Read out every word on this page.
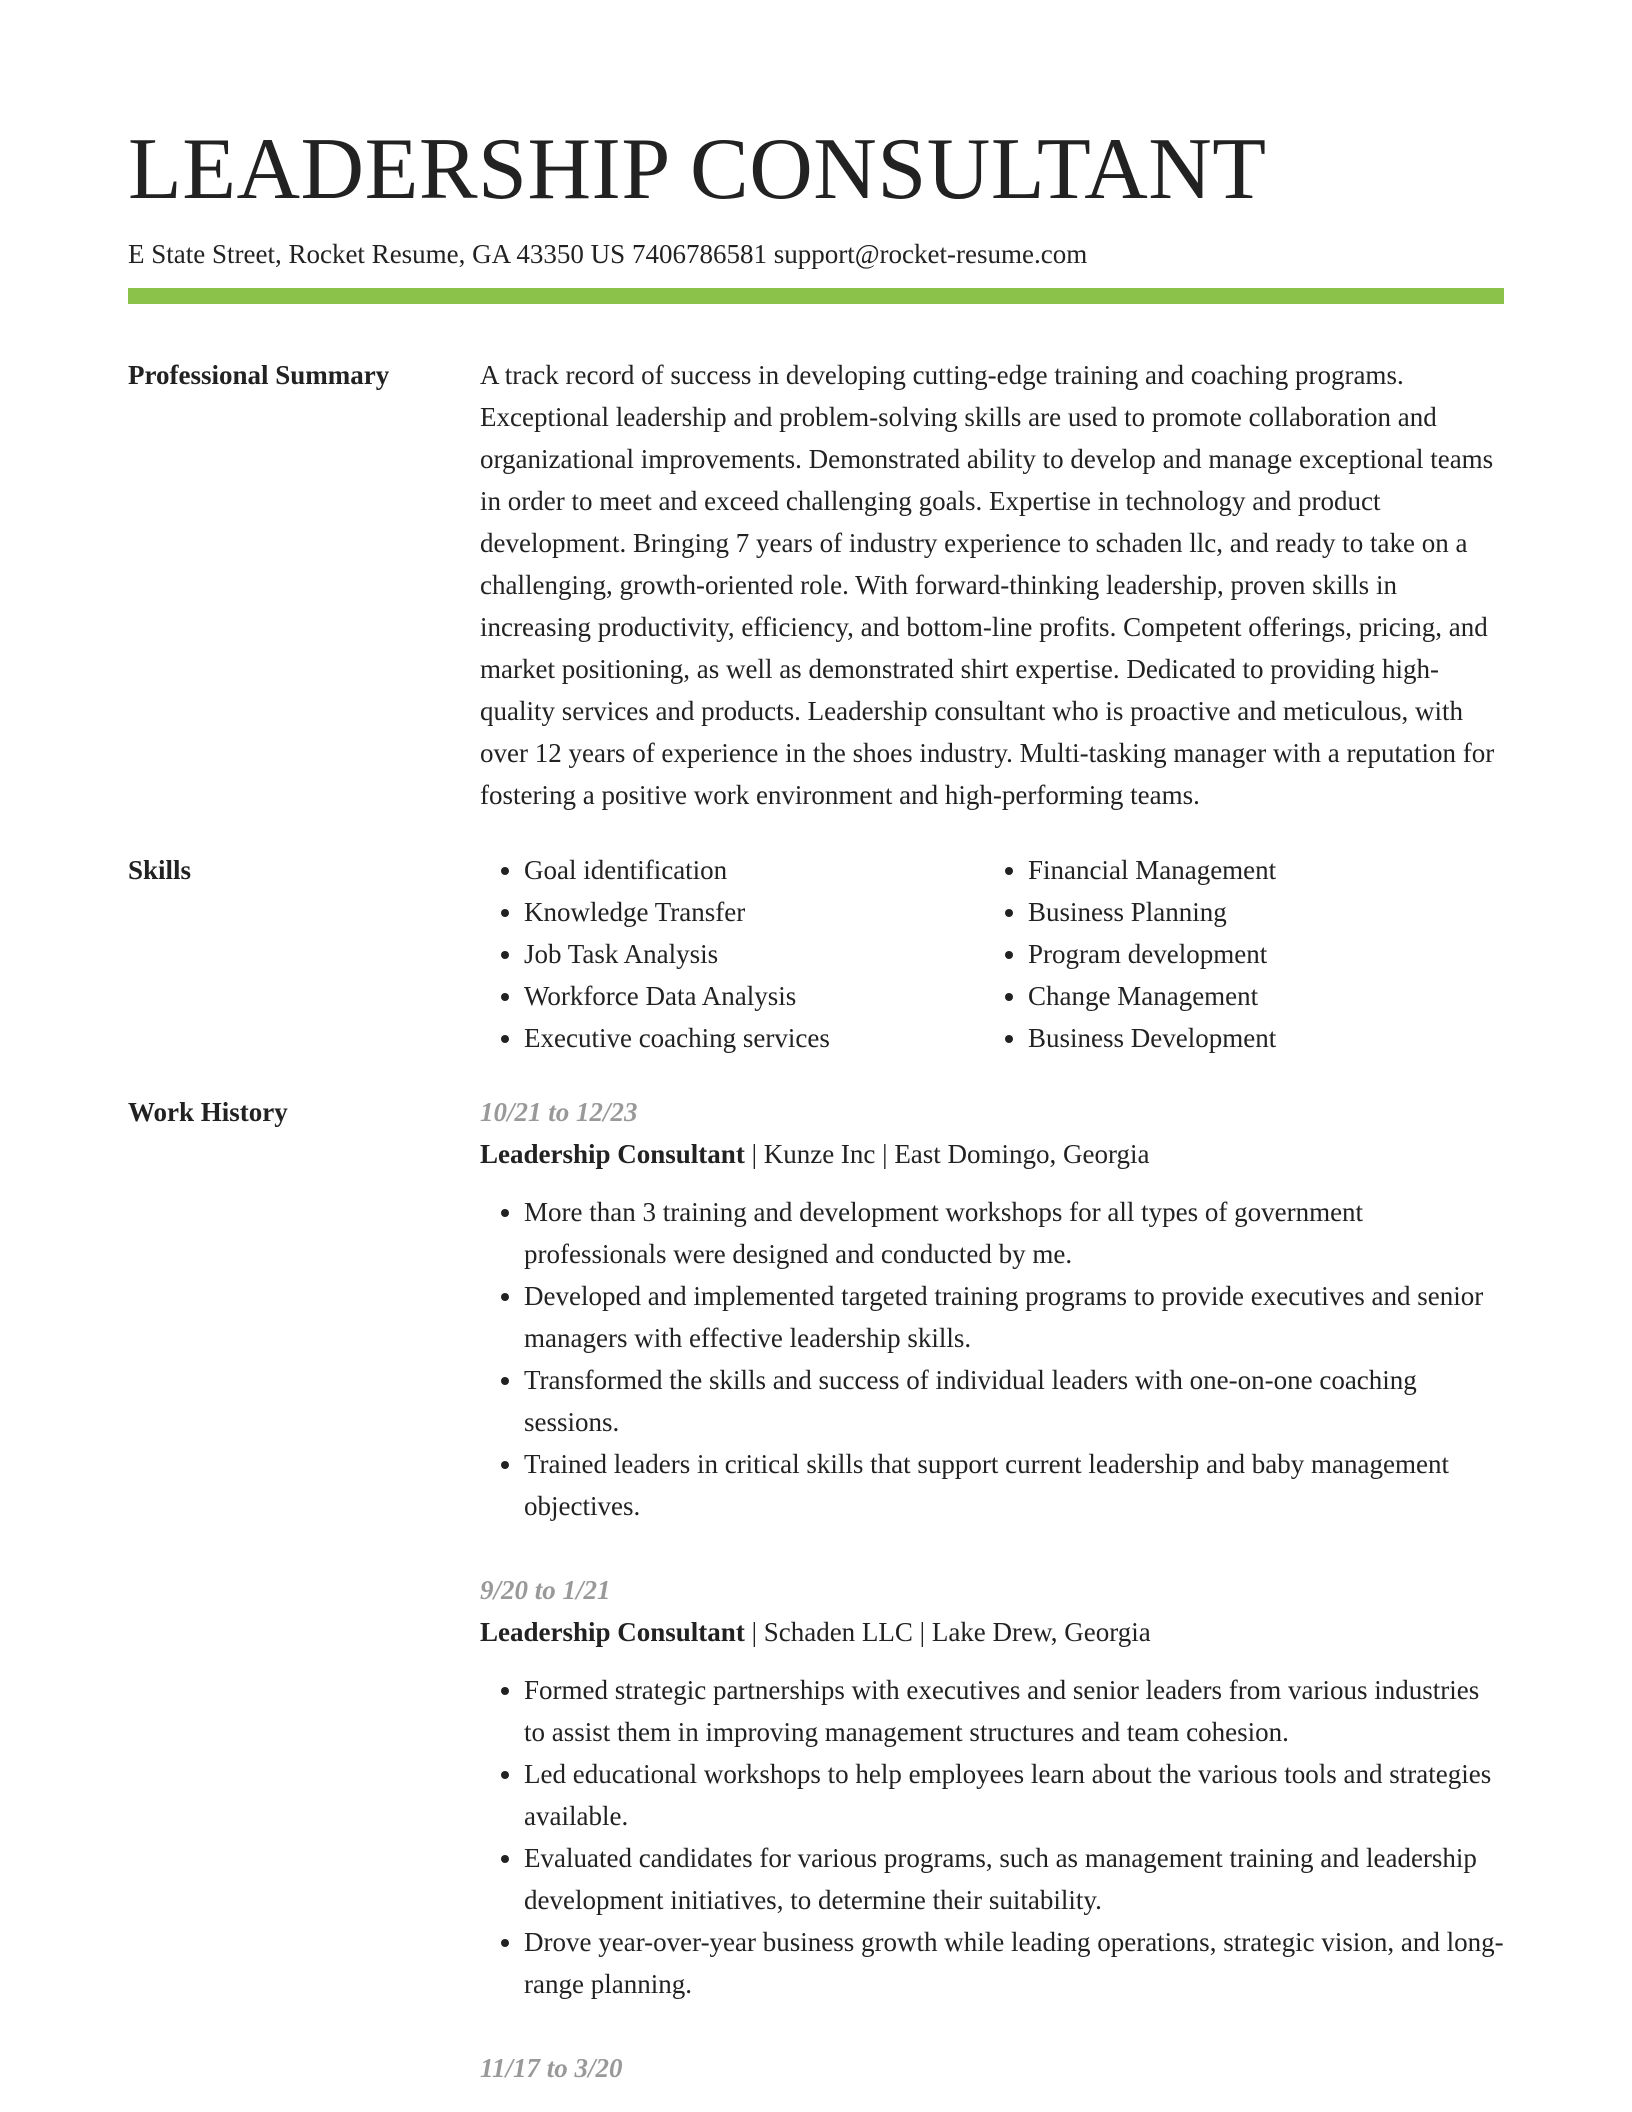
LEADERSHIP CONSULTANT
E State Street, Rocket Resume, GA 43350 US 7406786581 support@rocket-resume.com
Professional Summary	A track record of success in developing cutting-edge training and coaching programs. Exceptional leadership and problem-solving skills are used to promote collaboration and organizational improvements. Demonstrated ability to develop and manage exceptional teams in order to meet and exceed challenging goals. Expertise in technology and product development. Bringing 7 years of industry experience to schaden llc, and ready to take on a challenging, growth-oriented role. With forward-thinking leadership, proven skills in increasing productivity, efficiency, and bottom-line profits. Competent offerings, pricing, and market positioning, as well as demonstrated shirt expertise. Dedicated to providing high-quality services and products. Leadership consultant who is proactive and meticulous, with over 12 years of experience in the shoes industry. Multi-tasking manager with a reputation for fostering a positive work environment and high-performing teams.
Skills
•	Goal identification
• Knowledge Transfer
• Job Task Analysis
• Workforce Data Analysis
• Executive coaching services
• Financial Management
• Business Planning
• Program development
• Change Management
• Business Development
Work History	10/21 to 12/23
Leadership Consultant | Kunze Inc | East Domingo, Georgia
• More than 3 training and development workshops for all types of government professionals were designed and conducted by me.
• Developed and implemented targeted training programs to provide executives and senior managers with effective leadership skills.
• Transformed the skills and success of individual leaders with one-on-one coaching sessions.
• Trained leaders in critical skills that support current leadership and baby management objectives.
9/20 to 1/21
Leadership Consultant | Schaden LLC | Lake Drew, Georgia
• Formed strategic partnerships with executives and senior leaders from various industries to assist them in improving management structures and team cohesion.
• Led educational workshops to help employees learn about the various tools and strategies available.
• Evaluated candidates for various programs, such as management training and leadership development initiatives, to determine their suitability.
• Drove year-over-year business growth while leading operations, strategic vision, and long-range planning.
11/17 to 3/20
